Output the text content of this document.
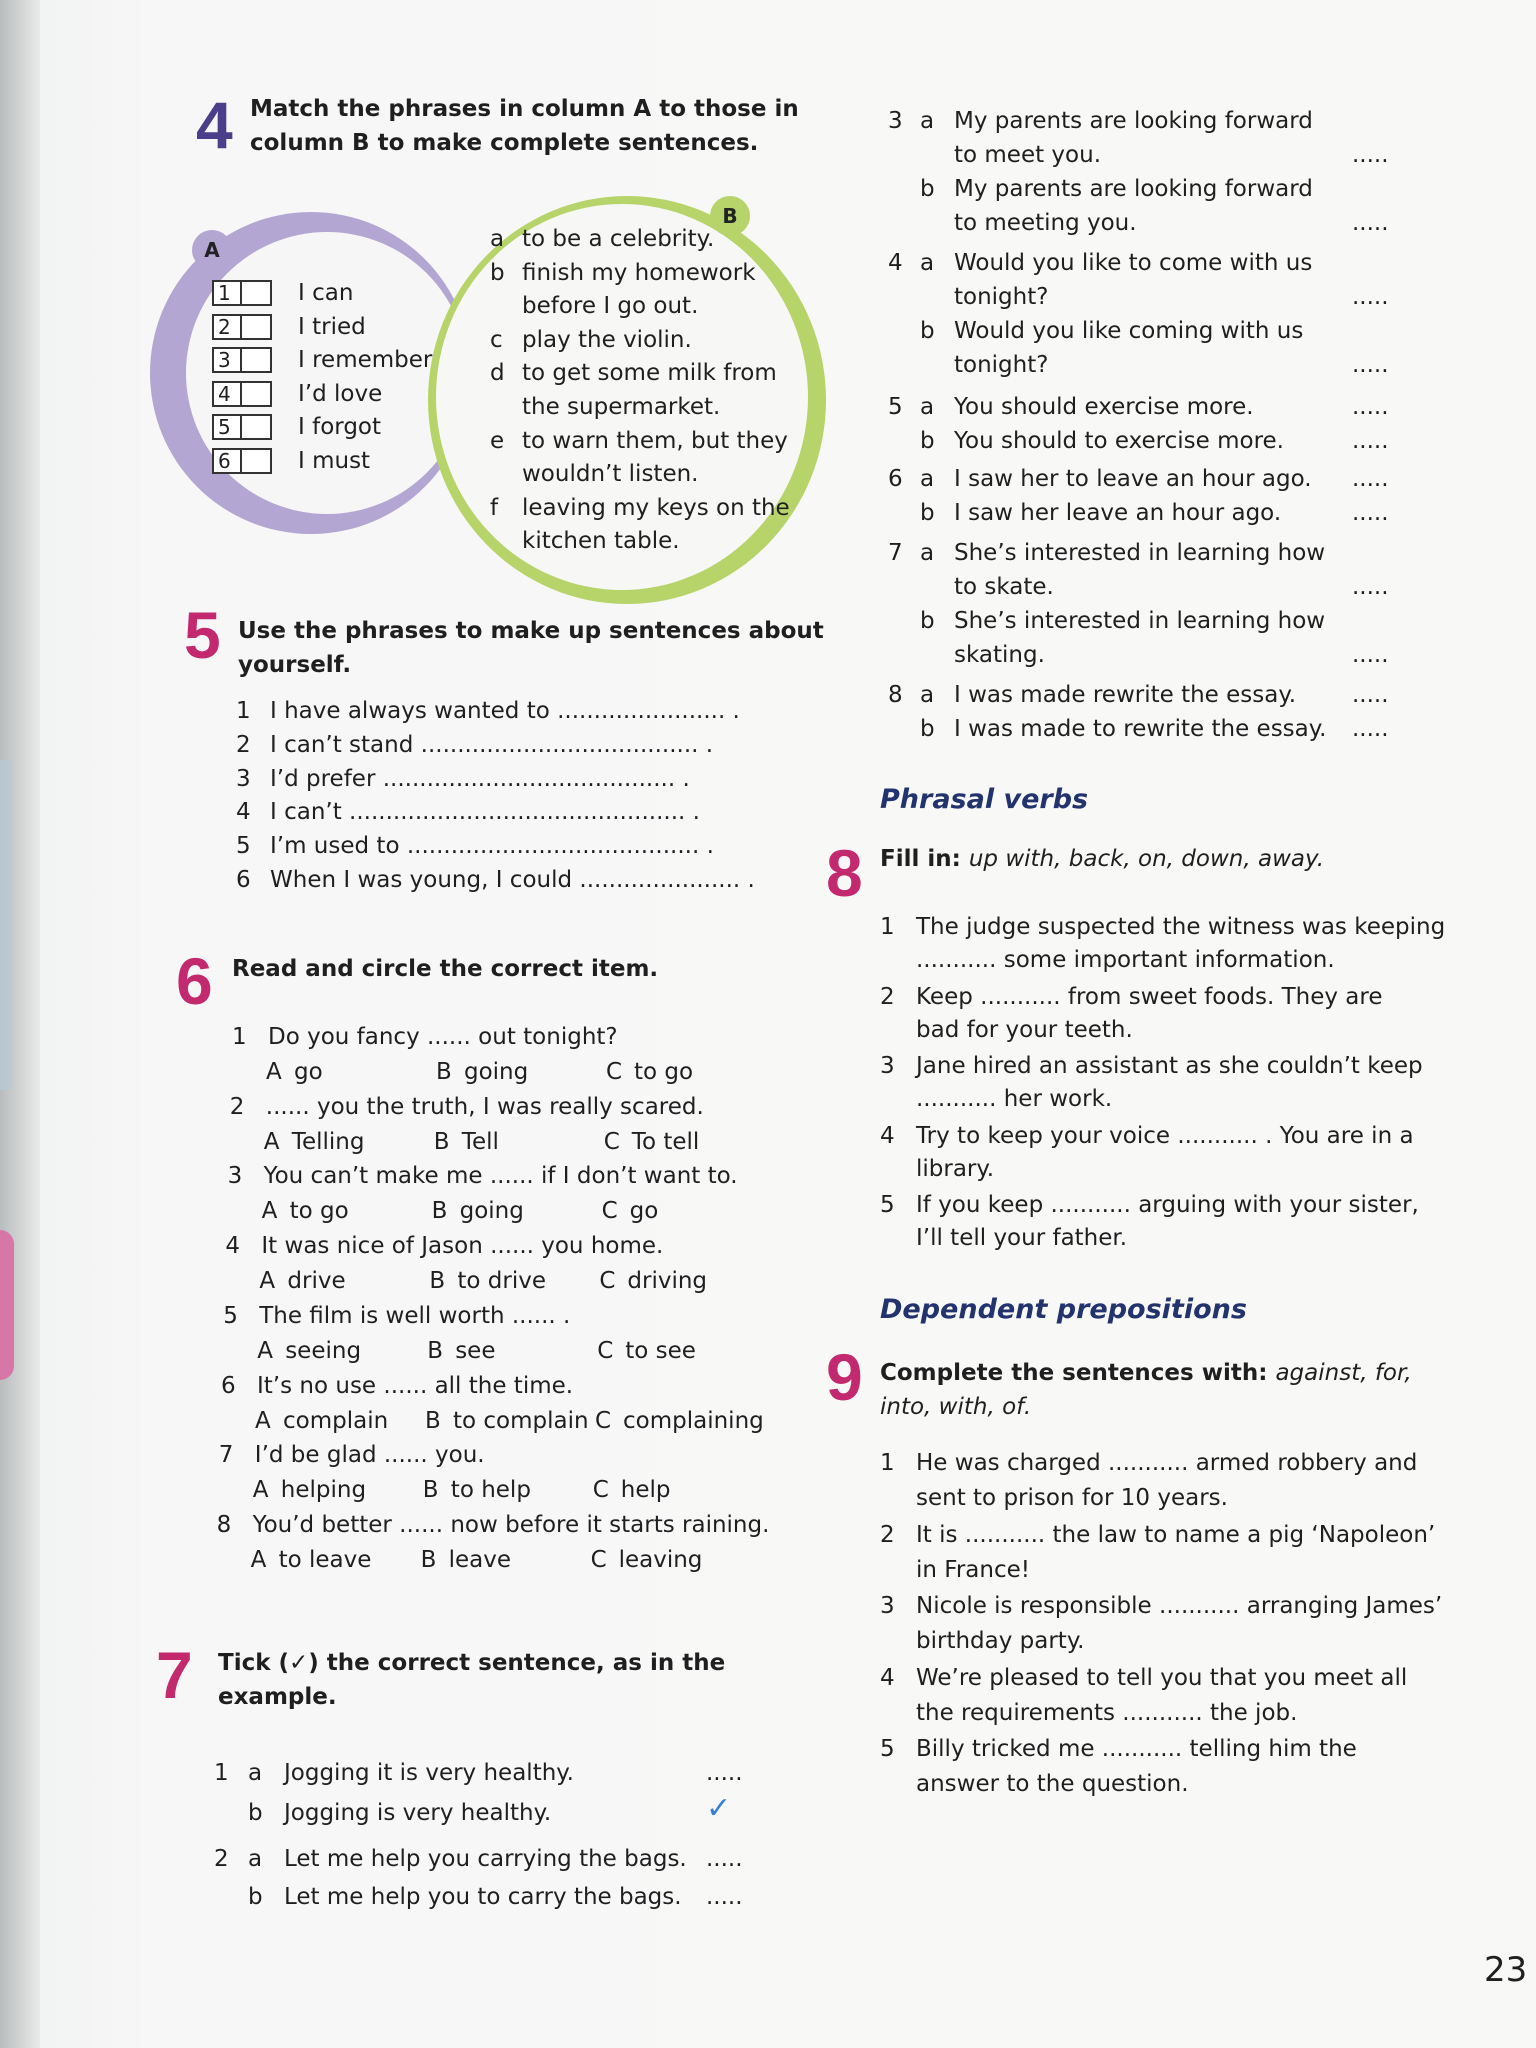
4 Match the phrases in column A to those in
column B to make complete sentences.
A
B
1	I can
2	I tried
3	I remember
4	I’d love
5	I forgot
6	I must
a to be a celebrity.
b finish my homework
before I go out.
c play the violin.
d to get some milk from
the supermarket.
e to warn them, but they
wouldn’t listen.
f leaving my keys on the
kitchen table.
5 Use the phrases to make up sentences about
yourself.
1 I have always wanted to ....................... .
2 I can’t stand ...................................... .
3 I’d prefer ........................................ .
4 I can’t .............................................. .
5 I’m used to ........................................ .
6 When I was young, I could ...................... .
6 Read and circle the correct item.
1 Do you fancy ...... out tonight?
A go	B going	C to go
2 ...... you the truth, I was really scared.
A Telling	B Tell	C To tell
3 You can’t make me ...... if I don’t want to.
A to go	B going	C go
4 It was nice of Jason ...... you home.
A drive	B to drive C driving
5 The film is well worth ...... .
A seeing	B see	C to see
6 It’s no use ...... all the time.
A complain B to complain C complaining
7 I’d be glad ...... you.
A helping B to help	C help
8 You’d better ...... now before it starts raining.
A to leave B leave	C leaving
7 Tick (✓) the correct sentence, as in the
example.
1 a Jogging it is very healthy.	.....
b Jogging is very healthy.	✓
2 a Let me help you carrying the bags. .....
b Let me help you to carry the bags. .....
3 a My parents are looking forward
to meet you.	.....
b My parents are looking forward
to meeting you.	.....
4 a Would you like to come with us
tonight?	.....
b Would you like coming with us
tonight?	.....
5 a You should exercise more.	.....
b You should to exercise more.	.....
6 a I saw her to leave an hour ago. .....
b I saw her leave an hour ago.	.....
7 a She’s interested in learning how
to skate.	.....
b She’s interested in learning how
skating.	.....
8 a I was made rewrite the essay. .....
b I was made to rewrite the essay. .....
Phrasal verbs
8 Fill in: up with, back, on, down, away.
1 The judge suspected the witness was keeping
........... some important information.
2 Keep ........... from sweet foods. They are
bad for your teeth.
3 Jane hired an assistant as she couldn’t keep
........... her work.
4 Try to keep your voice ........... . You are in a
library.
5 If you keep ........... arguing with your sister,
I’ll tell your father.
Dependent prepositions
9 Complete the sentences with: against, for,
into, with, of.
1 He was charged ........... armed robbery and
sent to prison for 10 years.
2 It is ........... the law to name a pig ‘Napoleon’
in France!
3 Nicole is responsible ........... arranging James’
birthday party.
4 We’re pleased to tell you that you meet all
the requirements ........... the job.
5 Billy tricked me ........... telling him the
answer to the question.
23
